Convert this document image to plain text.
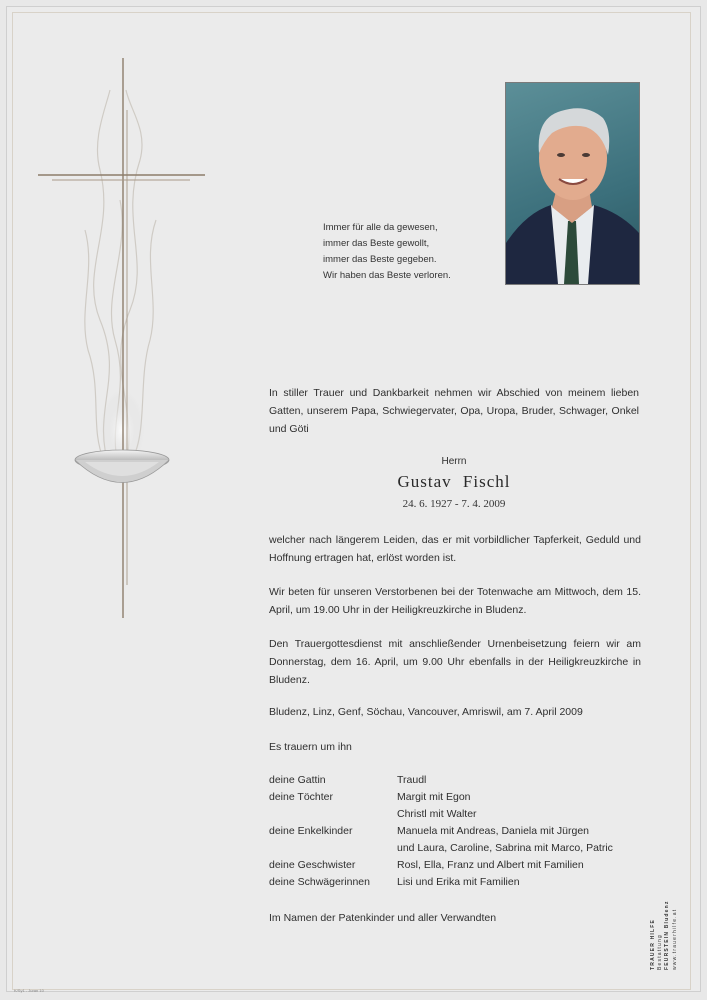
Immer für alle da gewesen,
immer das Beste gewollt,
immer das Beste gegeben.
Wir haben das Beste verloren.
In stiller Trauer und Dankbarkeit nehmen wir Abschied von meinem lieben Gatten, unserem Papa, Schwiegervater, Opa, Uropa, Bruder, Schwager, Onkel und Göti
Herrn
Gustav Fischl
24. 6. 1927 - 7. 4. 2009
welcher nach längerem Leiden, das er mit vorbildlicher Tapferkeit, Geduld und Hoffnung ertragen hat, erlöst worden ist.
Wir beten für unseren Verstorbenen bei der Totenwache am Mittwoch, dem 15. April, um 19.00 Uhr in der Heiligkreuzkirche in Bludenz.
Den Trauergottesdienst mit anschließender Urnenbeisetzung feiern wir am Donnerstag, dem 16. April, um 9.00 Uhr ebenfalls in der Heiligkreuzkirche in Bludenz.
Bludenz, Linz, Genf, Söchau, Vancouver, Amriswil, am 7. April 2009
Es trauern um ihn
deine Gattin	Traudl
deine Töchter	Margit mit Egon
Christl mit Walter
deine Enkelkinder	Manuela mit Andreas, Daniela mit Jürgen
und Laura, Caroline, Sabrina mit Marco, Patric
deine Geschwister	Rosl, Ella, Franz und Albert mit Familien
deine Schwägerinnen	Lisi und Erika mit Familien
Im Namen der Patenkinder und aller Verwandten
TRAUER HILFE Bestattung FEURSTEIN Bludenz www.trauerhilfe.at
K/Sy1 - Juran 10
